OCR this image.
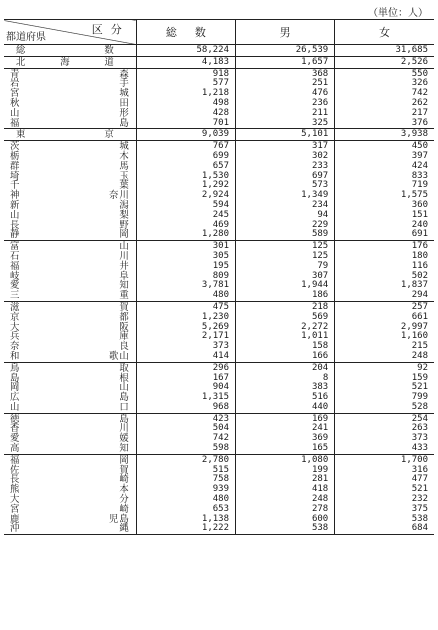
（単位：人）
区分
都道府県	総数	男	女

総 数	58,224	26,539	31,685

北 海 道	4,183	1,657	2,526

青 森	918	368	550

岩 手	577	251	326

宮 城	1,218	476	742

秋 田	498	236	262

山 形	428	211	217

福 島	701	325	376

東 京	9,039	5,101	3,938

茨 城	767	317	450

栃 木	699	302	397

群 馬	657	233	424

埼 玉	1,530	697	833

千 葉	1,292	573	719

神 奈川	2,924	1,349	1,575

新 潟	594	234	360

山 梨	245	94	151

長 野	469	229	240

静 岡	1,280	589	691

富 山	301	125	176

石 川	305	125	180

福 井	195	79	116

岐 阜	809	307	502

愛 知	3,781	1,944	1,837

三 重	480	186	294

滋 賀	475	218	257

京 都	1,230	569	661

大 阪	5,269	2,272	2,997

兵 庫	2,171	1,011	1,160

奈 良	373	158	215

和 歌山	414	166	248

鳥 取	296	204	92

島 根	167	8	159

岡 山	904	383	521

広 島	1,315	516	799

山 口	968	440	528

徳 島	423	169	254

香 川	504	241	263

愛 媛	742	369	373

高 知	598	165	433

福 岡	2,780	1,080	1,700

佐 賀	515	199	316

長 崎	758	281	477

熊 本	939	418	521

大 分	480	248	232

宮 崎	653	278	375

鹿 児島	1,138	600	538

沖 縄	1,222	538	684
